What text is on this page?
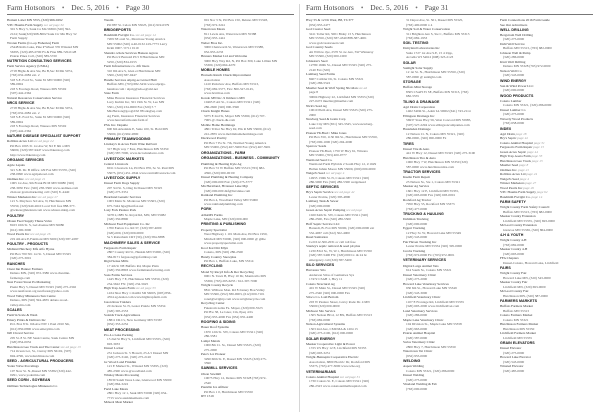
Farm Hotsonors • Dec. 5, 2016 • Page 30

Hometi Label MN 5555, (320) 966-0292

VPC Houma Farm Supply see ad page 62

301 S Hwy 5, Sauk Ca Mn 56650 (320) 592-

2124; Sauk(320) 968-8002 Sauk Ctr Mn Hwy 52

Farm Supply

Wroten Farms (Co-op Fisheries) Farm

25448 Rolls Lake, Pine P Wheel 376 Winsted MN

56395, (320) 485-0700 Fx & Fine 889-720-0128

Prairie Pines Coll, (320) 589-5720

NUTRITION CONSULTING SERVICES

Farm Service Agency (USDA)

2718 Highs & Ave Sie, Ba B,Sec M Mn 5074,

(763) 632-2682 ext. 2

518 S.E. Ford St., Suite 81 MN 56000 (320)

589-0904

218 S Forelegs Road, Wauseo MN 55502

(507) 442-2362

Natural Resources Conservation Service

NRCS SERVICE

2718 Highs & Ave Sie, Ba B,Sec M Mn 5074,

(763) 632-2682 ext. 2

518 S.E. Ford St., Suite 81 MN 56000 (320)

589-0904

218 S Forelegs Road, Wauseo MN 55502

(507) 442-2362

NATURE DISEASE SPECIALIST SUPPORT

Robbins Acres Ltd see ad page 24

PO Box 1065 31 1st Ave W, N2 E 6th a MN

56000, (320) 587-9447 www.lbkerstog.com

http://www.lbkerstog.com

ORGANIC SERVICES

Agrie Lapuis

321 S.B. Dr. B Office 129 Fax MN 55370, (320)

238-0990 www.agripaleoal.com

Ondines Inc. see ad page 21

1065 1st Ave, 9th Frank Bl M MN 56080 (320)

238-3050 Fax: (320) 238-3500 www.ondines.com

24-hour grain marketing call: (320) 8 -4440

Winzer Marketers Inc see ad page 27

121 S. Mayboro 3rd Ave, N, Hutchinson MN

55550, (320) 940-2610 Local Toll free 888-377-

@winzer@kieland.com www.winzer-mktg.com

POULTRY

Obaun Feed Supply Thune Valve

8163 16th St. S, Gel Avenue MN 56080

(612) 300-3000

Wood Pearls Inc see ad page 26

219 4th Ave E,Fairmont MN 5600 (320) 587-2287

POULTRY - PRODUCTS

Midland Hatchery Mfs Alfo Hyrne

PO Box 700 501 1st St. 5, Dassel MN 55325

(320) 275-3001

RANCHES

Chest Inn Banner Farmers

Delano MN, (320) 972-3386 www.chestinn-

farmersgs.com

Nest Forest Street Pa Marketing

Pnakt Hwy 5, Dassel MN 55325 (320) 275-2302

www.nestforest.org nestforest@yahoo.com

Wood Valley Minnesota Sun Centre

Delano, MN (320) 594-4835 delano.wood-

valley-mn.com

SCALES

Farm'in Scale & Wash

Emery Prints & Delivers Inc

P.O. Box 8 St. 6th Ave NW 1 Paul 2010 5th,

(612) 850-0800 www.emerymn.com

920 Choval Service

205 St. 8 St. NE Sauk Centre, Sauk Centre MN

(320) 854-0032

Hutchinson Geo Truck and The Center see ad page 13

714 Ocean Lot, St., Curray MN 56102, (507)

694-4796, www.hutchinson.com

SEED - AGRICULTURAL PRODUCERS

Yoder Valve Porcelings

107 New St. N.,Dassel MN 55382 (320) 442-

0291, www.yodermn.com

SEED CORN - SOYBEAN

Onllines Technologies Minnesota Co

Wesim

PO 887 St. Celon MN 55025, (612) 919-0379

BRIDGEPORTS

Bandmith Fwright Co. see ad page 14

7209 SE onzl St., Montrose Young Averica

MN 55062 (320) 4-40-0132 419-7773 Larry

Krim 0007 / 0711 0119

Shandro whole Services Hanson Agrow

PO Box 9 Barnold Pb 5 8 Hutchinson MN

5250, (320) 834-0155

Farm Infrastructure co. dlfr lizers

310 9th Ave S, Glen et Hutchinson MN

5500, (320) 587-9447

Handle Services Alprig-se Gravel Hull

Buffalo MN, (763) 682-3434 www.alprigs-

hanabar.com / alprig@ads-e@alsl.net

State Farm

Mike Herzon Insurance Financial Services

Lucy Kubitz Inc, 301 19th St. W, Leo MN

5501, (320) 234-9000 Fax (320) 5 +

Mk.Herzon@googl.Dvl 88 sde@eq.com

Ag Farm, Insurance Financial Services

www.herzonfarm.stair.farm sf

PSG Inc. Deputie

600 6th Arkalakle E, Suite 100, St. Bold MN

55000, (612) 992-2800

PRIMARY TEAMWOODING

Lindsay's in Acres Farm Wine Retlvurt

317 High way 7 East, Hutchinson MN 55350

(320) 587-7000, www.lacrodandacre.com

LIVESTOCK MARKETS

Central Livestock

6011 Livestock Ln, PO Box 976, So St. Paul MN

55075, (651) 451-1844 www.centrallivestock.com

LIVESTOCK SUPPLY

Dassel Farm Dogs Supply

207 3rd St. S, Oleg In Dassel MN 55325

(320) 275-3331

Heartland Genetic Services

1003 Main St. Montrose MN 55363, (320)

675-7444 hgs@hartfox.net

Lazy Fork Pasture Pork

3478 2,1885 St. Royal Rd, MN, MN 55082

(320) 350-8800

Midwest Feed Equipment Co. Inc

1700 Eurton Co. Rd 37, (320) 587-4000

(320)-000, (320) 000-0000

Ss 5 Rotterham CRT (30), (320) 584-3888

MACHINERY SALES & SERVICE

Ferguson's Farm Repair

2807 County Rd 51, Hankin MN 55000, (320)

384-8171 ferguson@gofarmbuy.com

Rigid Sense Mills

17 4th St NE Buffalo Rd, Maple Plain

(320) 350-8803 www.farmmanufacturing.com

Sons Farms Services

1445 Hwy 7 E, Hutchinson MN 55350, (320)

234-5622 FX: (320) 234-5625

High Trap Aoeta Farm see ad page 33

1434 Shar Hwy 1 Oaldbi SD 56003, (605) 856-

4554 ag.dealer.com www.hightrapfarm.com

Jason Ross Traiders

20 Jackson St. N, Lester Prairie MN 55354

(320) 395-2553

Solaids Track Agricultures

18811 Dh Cv, New Germany MN 55367

(952) 353-2252

MEAT PROCESSING

Pro-Lo Lake Packing

15 2nd St Hwy S, Litchfield MN 55355, (320)

693-3033

Dassel Locker

231 Jackson St. 5 Howell, 25 A 5 Dassel MN

(320) 275-3140, (320) 275-2120

Gr Wood Land Finishin

121 E Market St., Winsted MN 55395, (320)

485-2300 www.grwoodland.com

Whaley Meats Processing

18530 Sandi Taree Lane, Glenwood MN 55000

(320) 864-3222

Farid Lake Meats

2801 Hwy 12 1, Sauk MN 55006 (320) 654-

7715 www.sauklakemeats.com

Mckeol Meat Market

901 Nor 3 St, PO Box 150, Delano MN 55328,

(763) 972-3241

Watertown Meats

811 Lewis Ave, Watertown MN 55388

(952) 955-1441

Weber Bros Inc.

3000 Chatsworth St, Watertown MN 55388,

952-955-2233

Bruners Market Ltd and Welcome

3000 Hwy Way Rd, N, PO Box 300, Lake Lillian MN

55300, (320) 664-4270

MOBILE HOMES

Horneds Ranch Chuck Improvement

Association

1410 Parkview Ave, Buffalo MN 55313,

(763) 682-5577, Fax: 800-527-0145,

www.hcrrmaa.com

Kondo MN Inc. 9 Jimberco MN

10465 E Alt St., Cokato MN 55321 (320)

286-2600 (320) 000-3590

Chuck Knight Hanes

5075 E 2nd St, Mayer MN 55360, (612) 707-

7965 @ chuck-dk.com

Mobile Home Hermitage

4801 Tribot Ne Hwy Dr, Elk R MN 55000, (612)

241-2855 www.mobilehomehermitage.com

Duckwood Poultry

PO Box 7 Ea St. 7th, Normed Young America

MN 55000, (952) 467-5900 Fax: (952) 467-5901

ORGANIZATIONS - FARM

ORGANIZATIONS - BUSINESS - COMMUNITY

Plumbing & Heating Kyle Ag

PO Box 72 W Buffalo MN 55313 (763) 682-

4390, (320) 000-00 00

Dassel Plumbing & Heating Company

(320) 000-000 Fax: (320) 275-3777

Mn Herztland, Hvrsneat Lake Mgt

(320) 000-000 dkf@hvrslake.com

Rainland Plumbing Inc

PO Box 4, Woodland Valley MN 55000

www.rainlandplumbing.com

PORK

ADAMS Farms

Maple Lake, MN (320) 000-000

PRINTING & PUBLISHING

Property Specialist

West Highway 1 101 Main Ave, PO Box 1950,

Mitchell MN 55000, (320) 000-0000 @ gillie

www.propertyspecialist.com

Kool Kat Dirt Mlyn

Cokato, MN (320) 286-2500

Bundy Country Snowplus

PO Box 1, Buffalo Lake, MN 55314

RECYCLING

Mond Vy Recyd Info & Rec Recycling

9001 N. Tawn B, Hwy 10 Dr, Monticello MN

55360, (763) 295-6255 / 612-307-7000

Wright County Recycle

8811 Willison Mon. Rd 8 Jonney Bou Valley

MN 55360, (952) 380-0003, (612) 000-7101

ronal@wrighty.com www.wrightrecycle.com

Recycling Center

Fakstrom nolks Fa. Mayer, (320) 000-5523

PO Bw 38, Le Gnor, Cm, Ppeq 4 0x

(952) 955-4000 Fax (952) 955-4400

ROOFING & SIDING

Bauer Roof Systems

1670 12th St. SW, Cokato MN 55321 (320)

286-5581

Lampi Metals

1000 8th Ct. St., Dassel MN 55325, (320)

275-2000

Pete's Lot Pioneer

3290 60th St. E, Dassel MN 55325 (320) 275-

3590

SAWMILL SERVICES

Olson Sawmill

10075 Hwy 12, Delano MN 55328 (763) 972-

2540

Pautzlin Ice Aftlizer

PO Box 1 0, Hutchinson MN 55350

IPT 1519

Farm Hotsonors • Dec. 5, 2016 • Page 31

Hwy 55 & 12 Dr West, B8, Tb 377

(952) 955-2477

God Creator Seed

3411 Toller Rd, 5001 Biday 13 5, Hutchinson

MN 55350, (320) 587-4340 888-587-4001

www.godcreatorseed.com

God Country Seeds

Ah Willow dye, 2570 St ow Ave, SW Winnersy

MN 55360, (320) 000-1000

Johnston's Seed

12780 160th St., Dassel MN 55325 (320) 275-

2140 Fax (320)

Lamberg Seed Farms

8407 Cobbler Dr, St. Cokato MN 55321

(320) 286-5522

Mueller Seed & Wolf Spring Nicollan see ad

page 8

30004 Highway 22, Litchfield MN 55355 (320)

227-0473 mueller@mueller.com

Nick's Seed Ag

10010 Pleth Ave, Dassel MN 55325 (320) 275-

2000

Newberg Seed & Grain Corp

Lake City MN (651) 345-3345, www.newberg-

seed.com

Pioneer Hi-Bred / Mike Jones

PO Box 350, 1130 9th St., Hutchinson MN 55350,

(763) 000-1000 (320) 294-2000

Sparrow Seeds

Pioneer Hi-Bred, 1750 W Hwy 61, Winona

MN 55000, (763) 400-0777

Wermond Seed Co.

Wermond Farm Hybrids 2 South Hwy 12, 2:1629

Hellen Juhnn Moore MN 55000, (000) 000-0000

Weigel's Seed see ad page 4

14955 130th St. N, Cokato MN 55321 (320)

286-5000 Fax (320) 286-5300 weigelseed

SEPTIC SERVICES

Bry's Septic Service see ad page 42

Lester Prairie, (320) 395-4800

Lamberg Tank & Sewer

(320) 000-0000

Green Acres Septic Pumping see ad page

1020 64th St. SW, Cokato MN 55321 (320)

286-2500, Fax (320) 286-5500

Hoff Septic Service LLC

Barandi, B. Fox MN 55000, (320) 000-0000 ext

532-4067 call (612) 302-4000

Ruud Sanitation

Cell 612-500-2031 or call toll free

Stanley's septic removal & seed pit plus

1230 83rd St., W, W.1, Hutchinson MN 55350

(320) 587-5400 FX: (320) 000 Cr. & 24 hr

emergency call (320) 587-5400

SILO SERVICES

Harvestor Silo

Anderson Silos of Gemunwa Sys

17472 CSAH 1, Hwy 11

Cokato Structural Ag

401 W Main St., Dassel MN 55325 (320)

275-2340 (320) 000-0000 Fax

Siloco Co. Laid Bottom

203 W Pasture Street, Gravy Rode Dr. 4 MN

55000 (320) 000-0000

Midwest Silo Service

1505 Nelson Blvd, 12 BX, Buffalo MN 55313

(763) 682-0000

Nelson Agricultural Systems

1503 2nd Ave, CMUMA & 1204 15

(320) 275-2100, (612) 000-0000

SOLAR ENERGY

Meeker Cooperative Light & Power

1725 US Hwy 12 E, Litchfield MN 55355

(320) 693-3231

Wright-Hennepin Cooperative Electric

Association, 6800 Electric Dr, Rockford MN

55373, (763) 477-3000 www.whe.org

VETERINARIANS

Cokato Animal Hospital see ad page 31

1730 Cokato St. E, Cokato MN 55321 (320)

286-2323 www.cokatoanimalhospital.com

31 Depot Ave, St. 501, Dassel MN 55325,

(763) 400-0000 x 4

Wright Soil & Water Conservation

311 Brighton Ave S, Ste C, Buffalo MN 55313

(763) 682-1933

SOIL TESTING

Dairyland Laboratories Inc

Suite 1727 1st Ave S.E, 15 4 Zipp,

Arcadia WI 54612 (608) 323-2123

SOLAR

Sunlight Solar Supply

12 1st St. N., Hutchinson MN 55350, (320)

587-0000 @ sunlight.com

STORAGE

Buffalo Mini Storage

8305 CSAH 35 SE, Buffalo MN 55313, (763)

682-5555

TILING & DRAINAGE

Agri Drain Corporation

1462 340th St., Adair IA 50002 (641) 743-2114

Ellingson Drainage Inc

56937 State Hwy 56, West Concord MN 55985,

(507) 527-2294 www.ellingsoncompanies.com

Hausladen Drainage

12 Nelson Ct. N, Cokato MN 55321, (320)

286-0000, (320) 000-0000 Fx

TIRES

Dassel Tire & Auto

441 W Hwy 12, Dassel MN 55325 (320) 275-3100

Hutchinson Tire & Auto

1060 Hwy 7 W, Hutchinson MN 55350 (320)

587-6000 www.hutchinsontire.com

TRACTOR SERVICES

Kuehn Farm Repair

23 Nelson St., Ste 1, Cokato MN 55321

Meeker Ag Service

1601 Hwy 12 E, Litchfield MN 55355,

(320) 693-0000 Fax (320) 693-0001

Rockford Ag Tractor

7950 Hwy 55, Rockford MN 55373

(763) 477-0000

TRUCKING & HAULING

Dahlman Trucking

(320) 000-0000

Eggert Trucking

12 Hwy St. W, Howard Lake MN 55349

(320) 543-0000

Fair Haven Trucking Inc

Lester Prairie MN 55354 (320) 395-0000

Jacobs Trucking

(763) 972-0000 Fx: (763) 972-0001

VETERINARY SERVICES

Digital Large Animal Vets

614 South St., Cokato MN 55321

Dassel Veterinary Clinic

(320) 275-2000

Howard Lake Veterinary Services

930 6th St., Howard Lake MN 55349

(320) 543-3000

Litchfield Veterinary Clinic

1107 E Frontage Rd, Litchfield MN 55355

(320) 693-2000 www.litchfieldvet.com

Lund Veterinary Services

(320) 286-0000

Maple Lake Veterinary Clinic

104 Division St., Maple Lake MN 55358

(320) 963-0000

Prairie Animal Hospital

(320) 587-0000

Swiss Veterinary Clinic

2800 Hwy 7, Hutchinson MN 55350

Watertown Vet Clinic

(952) 955-0000

WELDING

Aspen Welding

Cokato MN 55321, (320) 286-0000

Dassel Welding

(320) 275-0000

Vineland Welding & Fab

(763) 000-0000

Farm Connections 2016 Farm Guide

See Our Advertisers

WELL DRILLING

Bergstrom Well Drilling

(320) 275-0000

Dahl Well Service

Buffalo MN 55313, (763) 682-0000

Johnson Well & Pump

(320) 286-0000

Klatt Well Drilling

Delano MN 55328 (763) 972-0000

Nelson Well Co

(320) 543-0000

WIND ENERGY

Sun & Wind Power LLC

(320) 000-0000

WOOD PRODUCTS

Cokato Lumber

Cokato MN 55321, (320) 286-0000

Dassel Lumber Co

(320) 275-0000

Waverly Wood Products

(763) 658-0000

INDEX

Agri Drain page 18

Bry's Septic page 42

Cokato Animal Hospital page 31

Ferguson's Farm Repair page 15

Green Acres Septic page 44

High Trap Aoeta Farm page 33

Hutchinson Geo Truck page 13

Mueller Seed page 8

Ondines Inc. page 21

Robbins Acres Ltd page 24

Weigel's Seed page 4

Winzer Marketers page 27

Wood Pearls Inc page 26

VPC Houma Farm Supply page 62

Bandmith Fwright Co. page 14

FARM SAFETY

Wright County Farm Safety Council

Buffalo MN 55313, (763) 682-0000

Meeker County Extension

Litchfield MN 55355, (320) 693-0000

McLeod County Extension

Glencoe MN 55336, (320) 864-0000

4-H & YOUTH

Wright County 4-H

(763) 682-0000

Meeker County 4-H

(320) 693-0000

FFA Chapters

Dassel-Cokato, Howard Lake, Litchfield

FAIRS

Wright County Fair

Howard Lake MN, (320) 543-0000

Meeker County Fair

Litchfield MN, (320) 693-0000

McLeod County Fair

Hutchinson MN, (320) 587-0000

FARMERS MARKETS

Buffalo Farmers Market

Buffalo MN 55313

Cokato Farmers Market

Cokato MN 55321

Hutchinson Farmers Market

Hutchinson MN 55350

Litchfield Farmers Market

Litchfield MN 55355

GRAIN ELEVATORS

Dassel Elevator

(320) 275-0000

Howard Lake Elevator

(320) 543-0000

Winsted Elevator

(320) 485-0000
